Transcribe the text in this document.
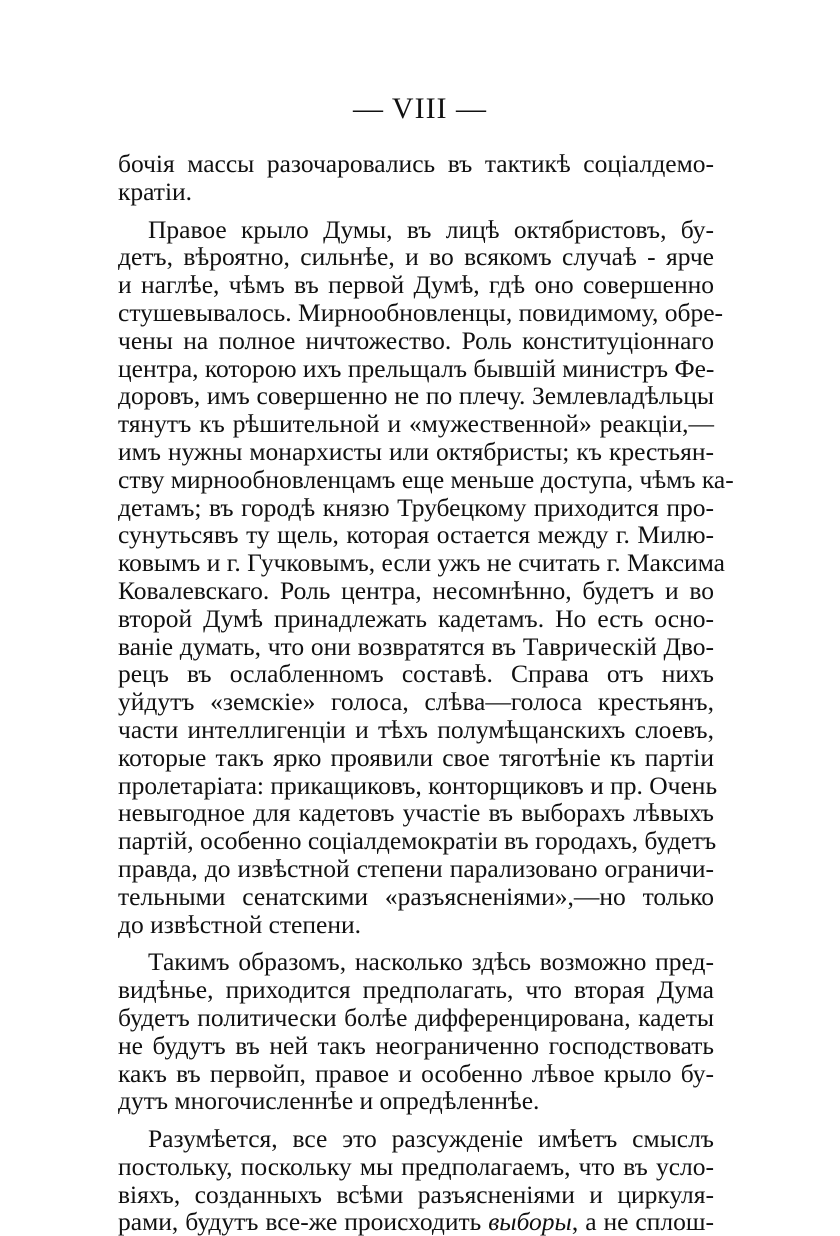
— VIII —
бочія массы разочаровались въ тактикѣ соціалдемо-
кратіи.
Правое крыло Думы, въ лицѣ октябристовъ, бу-
детъ, вѣроятно, сильнѣе, и во всякомъ случаѣ - ярче
и наглѣе, чѣмъ въ первой Думѣ, гдѣ оно совершенно
стушевывалось. Мирнообновленцы, повидимому, обре-
чены на полное ничтожество. Роль конституціоннаго
центра, которою ихъ прельщалъ бывшій министръ Фе-
доровъ, имъ совершенно не по плечу. Землевладѣльцы
тянутъ къ рѣшительной и «мужественной» реакціи,—
имъ нужны монархисты или октябристы; къ крестьян-
ству мирнообновленцамъ еще меньше доступа, чѣмъ ка-
детамъ; въ городѣ князю Трубецкому приходится про-
сунутьсявъ ту щель, которая остается между г. Милю-
ковымъ и г. Гучковымъ, если ужъ не считать г. Максима
Ковалевскаго. Роль центра, несомнѣнно, будетъ и во
второй Думѣ принадлежать кадетамъ. Но есть осно-
ваніе думать, что они возвратятся въ Таврическій Дво-
рецъ въ ослабленномъ составѣ. Справа отъ нихъ
уйдутъ «земскіе» голоса, слѣва—голоса крестьянъ,
части интеллигенціи и тѣхъ полумѣщанскихъ слоевъ,
которые такъ ярко проявили свое тяготѣніе къ партіи
пролетаріата: прикащиковъ, конторщиковъ и пр. Очень
невыгодное для кадетовъ участіе въ выборахъ лѣвыхъ
партій, особенно соціалдемократіи въ городахъ, будетъ
правда, до извѣстной степени парализовано ограничи-
тельными сенатскими «разъясненіями»,—но только
до извѣстной степени.
Такимъ образомъ, насколько здѣсь возможно пред-
видѣнье, приходится предполагать, что вторая Дума
будетъ политически болѣе дифференцирована, кадеты
не будутъ въ ней такъ неограниченно господствовать
какъ въ первойп, правое и особенно лѣвое крыло бу-
дутъ многочисленнѣе и опредѣленнѣе.
Разумѣется, все это разсужденіе имѣетъ смыслъ
постольку, поскольку мы предполагаемъ, что въ усло-
віяхъ, созданныхъ всѣми разъясненіями и циркуля-
рами, будутъ все-же происходить выборы, а не сплош-
